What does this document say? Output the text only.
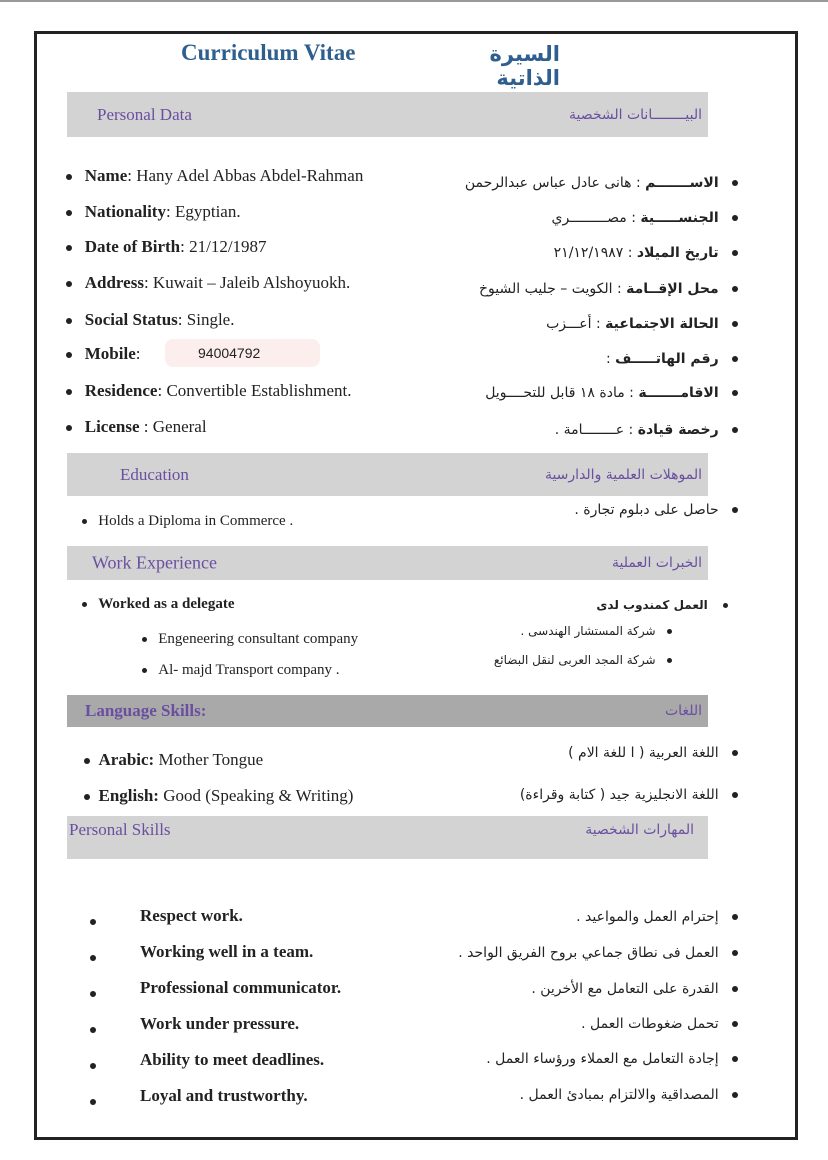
Curriculum Vitae	السيرة الذاتية
Personal Data	البيــــــــانات الشخصية
Name: Hany Adel Abbas Abdel-Rahman
Nationality: Egyptian.
Date of Birth: 21/12/1987
Address: Kuwait – Jaleib Alshoyuokh.
Social Status: Single.
Mobile:	94004792
Residence: Convertible Establishment.
License : General
الاســـــــم : هانى عادل عباس عبدالرحمن
الجنســـــية : مصـــــــــري
تاريخ الميلاد : ٢١/١٢/١٩٨٧
محل الإقــامة : الكويت – جليب الشيوخ
الحالة الاجتماعية : أعـــزب
رقم الهاتـــــف :
الاقامـــــــة : مادة ١٨ قابل للتحــــويل
رخصة قيادة : عــــــــامة .
Education	الموهلات العلمية والدارسية
Holds a Diploma in Commerce .
حاصل على دبلوم تجارة .
Work Experience	الخبرات العملية
Worked as a delegate
Engeneering consultant company
Al- majd Transport company .
العمل كمندوب لدى
شركة المستشار الهندسى .
شركة المجد العربى لنقل البضائع
Language Skills:	اللغات
Arabic: Mother Tongue
English: Good (Speaking & Writing)
اللغة العربية ( ا للغة الام )
اللغة الانجليزية جيد ( كتابة وقراءة)
Personal Skills	المهارات الشخصية
Respect work.
Working well in a team.
Professional communicator.
Work under pressure.
Ability to meet deadlines.
Loyal and trustworthy.
إحترام العمل والمواعيد .
العمل فى نطاق جماعي بروح الفريق الواحد .
القدرة على التعامل مع الأخرين .
تحمل ضغوطات العمل .
إجادة التعامل مع العملاء ورؤساء العمل .
المصداقية والالتزام بمبادئ العمل .
